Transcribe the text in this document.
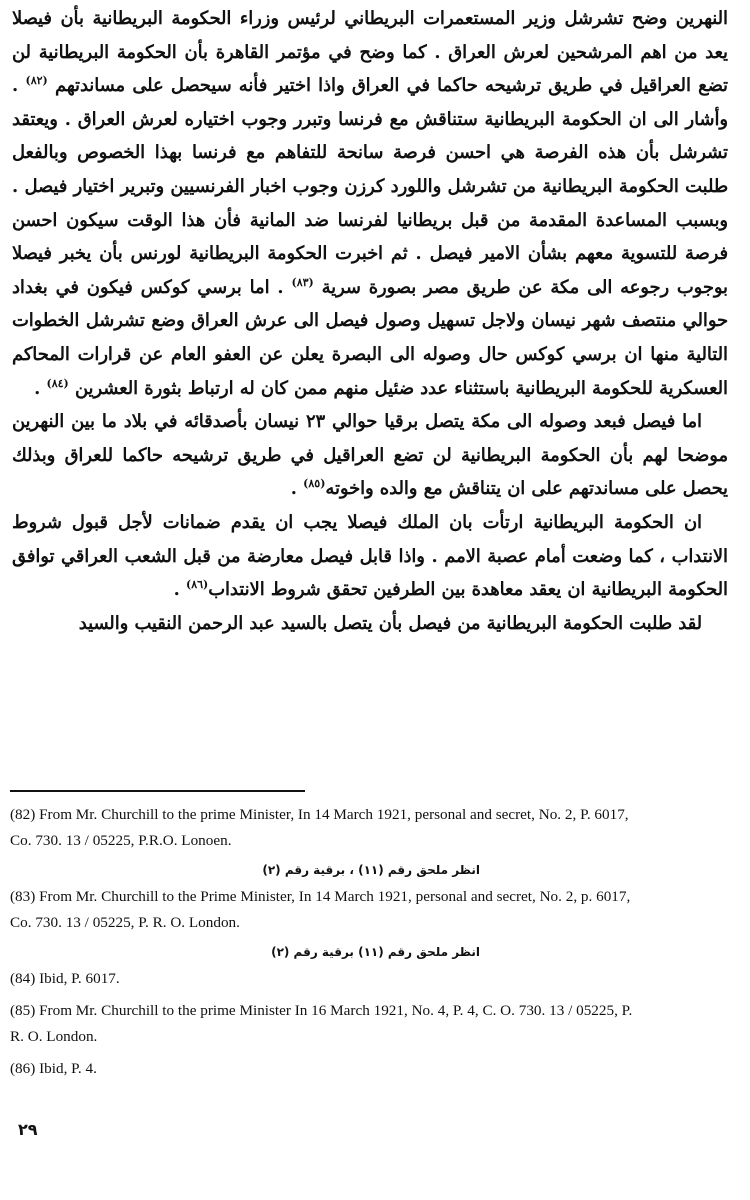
النهرين وضح تشرشل وزير المستعمرات البريطاني لرئيس وزراء الحكومة البريطانية بأن فيصلا يعد من اهم المرشحين لعرش العراق . كما وضح في مؤتمر القاهرة بأن الحكومة البريطانية لن تضع العراقيل في طريق ترشيحه حاكما في العراق واذا اختير فأنه سيحصل على مساندتهم $^{(٨٢)}$ . وأشار الى ان الحكومة البريطانية ستناقش مع فرنسا وتبرر وجوب اختياره لعرش العراق . ويعتقد تشرشل بأن هذه الفرصة هي احسن فرصة سانحة للتفاهم مع فرنسا بهذا الخصوص وبالفعل طلبت الحكومة البريطانية من تشرشل واللورد كرزن وجوب اخبار الفرنسيين وتبرير اختيار فيصل . وبسبب المساعدة المقدمة من قبل بريطانيا لفرنسا ضد المانية فأن هذا الوقت سيكون احسن فرصة للتسوية معهم بشأن الامير فيصل . ثم اخبرت الحكومة البريطانية لورنس بأن يخبر فيصلا بوجوب رجوعه الى مكة عن طريق مصر بصورة سرية $^{(٨٣)}$ . اما برسي كوكس فيكون في بغداد حوالي منتصف شهر نيسان ولاجل تسهيل وصول فيصل الى عرش العراق وضع تشرشل الخطوات التالية منها ان برسي كوكس حال وصوله الى البصرة يعلن عن العفو العام عن قرارات المحاكم العسكرية للحكومة البريطانية باستثناء عدد ضئيل منهم ممن كان له ارتباط بثورة العشرين $^{(٨٤)}$ .

اما فيصل فبعد وصوله الى مكة يتصل برقيا حوالي ٢٣ نيسان بأصدقائه في بلاد ما بين النهرين موضحا لهم بأن الحكومة البريطانية لن تضع العراقيل في طريق ترشيحه حاكما للعراق وبذلك يحصل على مساندتهم على ان يتناقش مع والده واخوته$^{(٨٥)}$ .

ان الحكومة البريطانية ارتأت بان الملك فيصلا يجب ان يقدم ضمانات لأجل قبول شروط الانتداب ، كما وضعت أمام عصبة الامم . واذا قابل فيصل معارضة من قبل الشعب العراقي توافق الحكومة البريطانية ان يعقد معاهدة بين الطرفين تحقق شروط الانتداب$^{(٨٦)}$ .

لقد طلبت الحكومة البريطانية من فيصل بأن يتصل بالسيد عبد الرحمن النقيب والسيد

(82) From Mr. Churchill to the prime Minister, In 14 March 1921, personal and secret, No. 2, P. 6017,
Co. 730. 13 / 05225, P.R.O. Lonoen.
انظر ملحق رقم (١١) ، برقية رقم (٢)
(83) From Mr. Churchill to the Prime Minister, In 14 March 1921, personal and secret, No. 2, p. 6017,
Co. 730. 13 / 05225, P. R. O. London.
انظر ملحق رقم (١١) برقية رقم (٢)
(84) Ibid, P. 6017.
(85) From Mr. Churchill to the prime Minister In 16 March 1921, No. 4, P. 4, C. O. 730. 13 / 05225, P.
R. O. London.
(86) Ibid, P. 4.
٢٩
